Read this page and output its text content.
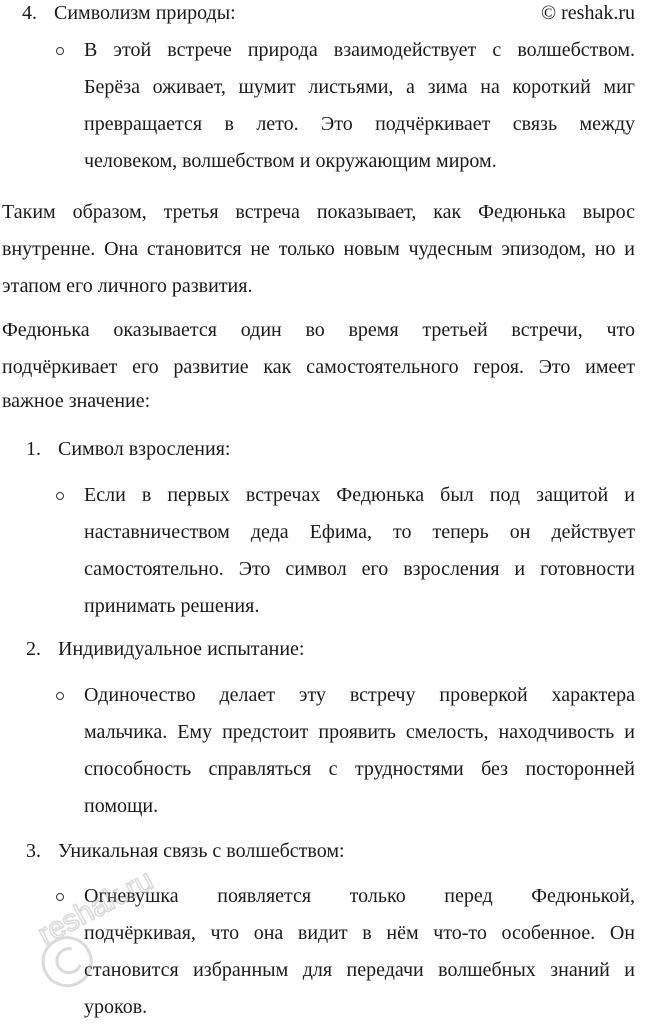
4. Символизм природы:	© reshak.ru
В этой встрече природа взаимодействует с волшебством.
Берёза оживает, шумит листьями, а зима на короткий миг
превращается в лето. Это подчёркивает связь между
человеком, волшебством и окружающим миром.
Таким образом, третья встреча показывает, как Федюнька вырос
внутренне. Она становится не только новым чудесным эпизодом, но и
этапом его личного развития.
Федюнька оказывается один во время третьей встречи, что
подчёркивает его развитие как самостоятельного героя. Это имеет
важное значение:
1. Символ взросления:
Если в первых встречах Федюнька был под защитой и
наставничеством деда Ефима, то теперь он действует
самостоятельно. Это символ его взросления и готовности
принимать решения.
2. Индивидуальное испытание:
Одиночество делает эту встречу проверкой характера
мальчика. Ему предстоит проявить смелость, находчивость и
способность справляться с трудностями без посторонней
помощи.
3. Уникальная связь с волшебством:
Огневушка появляется только перед Федюнькой,
подчёркивая, что она видит в нём что-то особенное. Он
становится избранным для передачи волшебных знаний и
уроков.
reshak.ru
